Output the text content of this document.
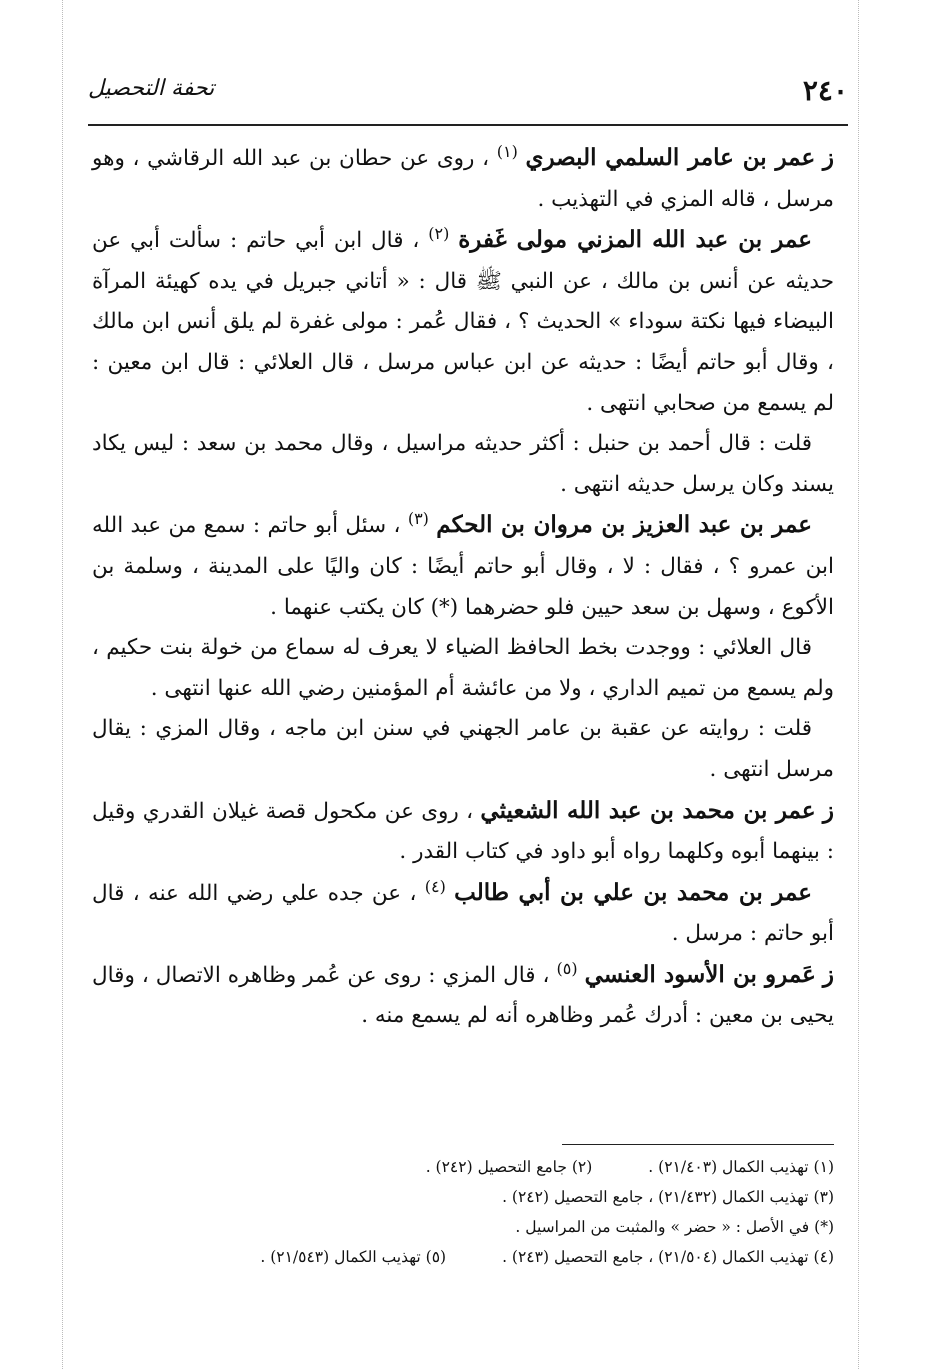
٢٤٠
تحفة التحصيل

ز عمر بن عامر السلمي البصري $^{(١)}$ ، روى عن حطان بن عبد الله الرقاشي ، وهو مرسل ، قاله المزي في التهذيب .

عمر بن عبد الله المزني مولى غَفرة $^{(٢)}$ ، قال ابن أبي حاتم : سألت أبي عن حديثه عن أنس بن مالك ، عن النبي ﷺ قال : « أتاني جبريل في يده كهيئة المرآة البيضاء فيها نكتة سوداء » الحديث ؟ ، فقال عُمر : مولى غفرة لم يلق أنس ابن مالك ، وقال أبو حاتم أيضًا : حديثه عن ابن عباس مرسل ، قال العلائي : قال ابن معين : لم يسمع من صحابي انتهى .

قلت : قال أحمد بن حنبل : أكثر حديثه مراسيل ، وقال محمد بن سعد : ليس يكاد يسند وكان يرسل حديثه انتهى .

عمر بن عبد العزيز بن مروان بن الحكم $^{(٣)}$ ، سئل أبو حاتم : سمع من عبد الله ابن عمرو ؟ ، فقال : لا ، وقال أبو حاتم أيضًا : كان واليًا على المدينة ، وسلمة بن الأكوع ، وسهل بن سعد حيين فلو حضرهما (*) كان يكتب عنهما .

قال العلائي : ووجدت بخط الحافظ الضياء لا يعرف له سماع من خولة بنت حكيم ، ولم يسمع من تميم الداري ، ولا من عائشة أم المؤمنين رضي الله عنها انتهى .

قلت : روايته عن عقبة بن عامر الجهني في سنن ابن ماجه ، وقال المزي : يقال مرسل انتهى .

ز عمر بن محمد بن عبد الله الشعيثي ، روى عن مكحول قصة غيلان القدري وقيل : بينهما أبوه وكلهما رواه أبو داود في كتاب القدر .

عمر بن محمد بن علي بن أبي طالب $^{(٤)}$ ، عن جده علي رضي الله عنه ، قال أبو حاتم : مرسل .

ز عَمرو بن الأسود العنسي $^{(٥)}$ ، قال المزي : روى عن عُمر وظاهره الاتصال ، وقال يحيى بن معين : أدرك عُمر وظاهره أنه لم يسمع منه .

(١) تهذيب الكمال (٢١/٤٠٣) .
(٢) جامع التحصيل (٢٤٢) .
(٣) تهذيب الكمال (٢١/٤٣٢) ، جامع التحصيل (٢٤٢) .
(*) في الأصل : « حضر » والمثبت من المراسيل .
(٤) تهذيب الكمال (٢١/٥٠٤) ، جامع التحصيل (٢٤٣) .
(٥) تهذيب الكمال (٢١/٥٤٣) .
